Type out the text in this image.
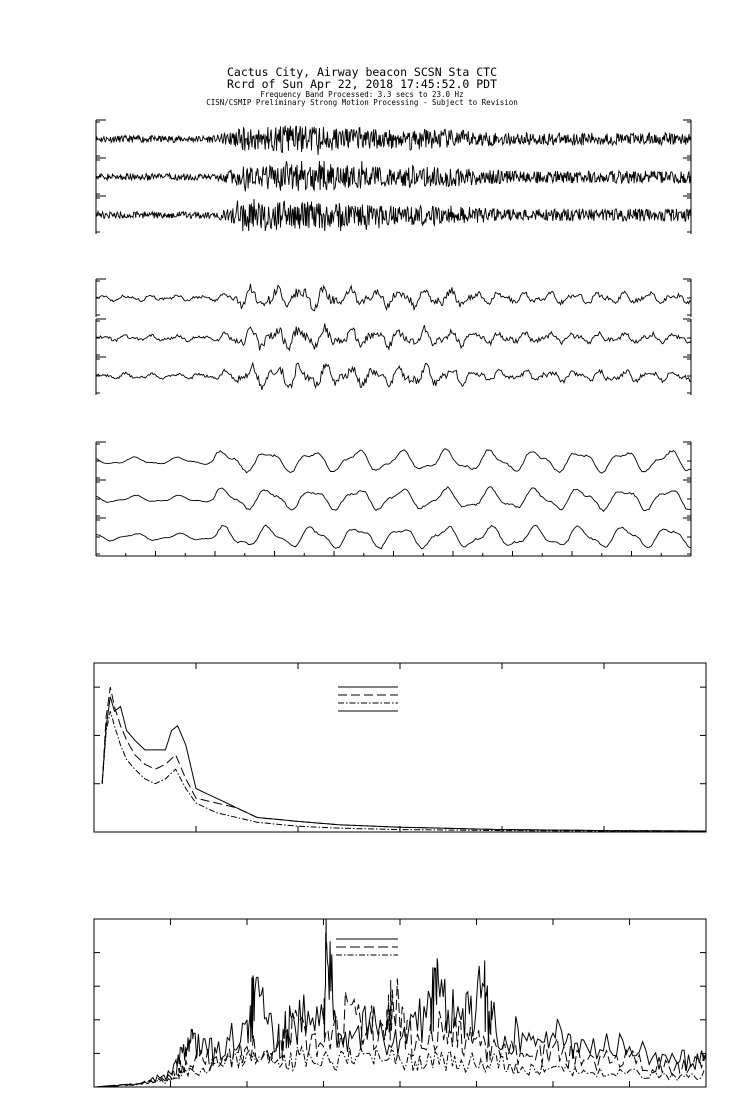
Cactus City, Airway beacon SCSN Sta CTC
Rcrd of Sun Apr 22, 2018 17:45:52.0 PDT
Frequency Band Processed: 3.3 secs to 23.0 Hz
CISN/CSMIP Preliminary Strong Motion Processing - Subject to Revision
